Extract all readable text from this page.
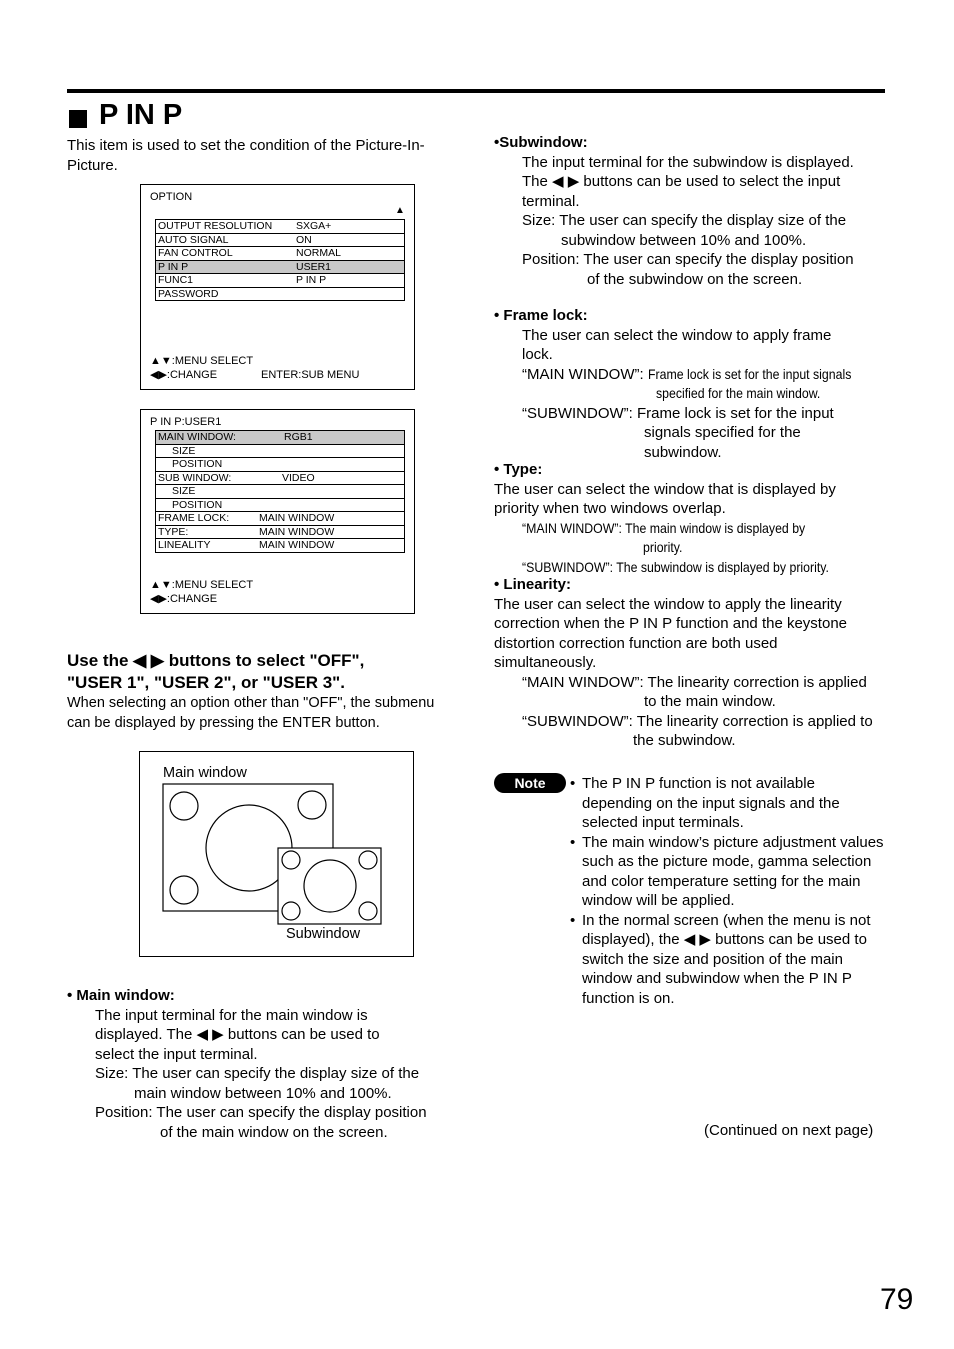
P IN P

This item is used to set the condition of the Picture-In-Picture.

OPTION
▲
OUTPUT RESOLUTION SXGA+
AUTO SIGNAL	ON
FAN CONTROL	NORMAL
P IN P	USER1
FUNC1	P IN P
PASSWORD
▲▼:MENU SELECT
◀▶:CHANGE	ENTER:SUB MENU
P IN P:USER1
MAIN WINDOW:	RGB1
SIZE
POSITION
SUB WINDOW:	VIDEO
SIZE
POSITION
FRAME LOCK:	MAIN WINDOW
TYPE:	MAIN WINDOW
LINEALITY	MAIN WINDOW
▲▼:MENU SELECT
◀▶:CHANGE

Use the ◀ ▶ buttons to select "OFF",
"USER 1", "USER 2", or "USER 3".

When selecting an option other than "OFF", the submenu
can be displayed by pressing the ENTER button.

Main window
Subwindow
• Main window:
The input terminal for the main window is
displayed. The ◀ ▶ buttons can be used to
select the input terminal.
Size: The user can specify the display size of the
main window between 10% and 100%.
Position: The user can specify the display position
of the main window on the screen.
•Subwindow:
The input terminal for the subwindow is displayed.
The ◀ ▶ buttons can be used to select the input
terminal.
Size: The user can specify the display size of the
subwindow between 10% and 100%.
Position: The user can specify the display position
of the subwindow on the screen.
• Frame lock:
The user can select the window to apply frame
lock.
“MAIN WINDOW”: Frame lock is set for the input signals
specified for the main window.
“SUBWINDOW”: Frame lock is set for the input
signals specified for the
subwindow.
• Type:
The user can select the window that is displayed by
priority when two windows overlap.
“MAIN WINDOW”: The main window is displayed by
priority.
“SUBWINDOW”: The subwindow is displayed by priority.
• Linearity:
The user can select the window to apply the linearity
correction when the P IN P function and the keystone
distortion correction function are both used
simultaneously.
“MAIN WINDOW”: The linearity correction is applied
to the main window.
“SUBWINDOW”: The linearity correction is applied to
the subwindow.
Note
•	The P IN P function is not available depending on the input signals and the selected input terminals.
• The main window’s picture adjustment values such as the picture mode, gamma selection and color temperature setting for the main window will be applied.
• In the normal screen (when the menu is not displayed), the ◀ ▶ buttons can be used to switch the size and position of the main window and subwindow when the P IN P function is on.
(Continued on next page)
79
